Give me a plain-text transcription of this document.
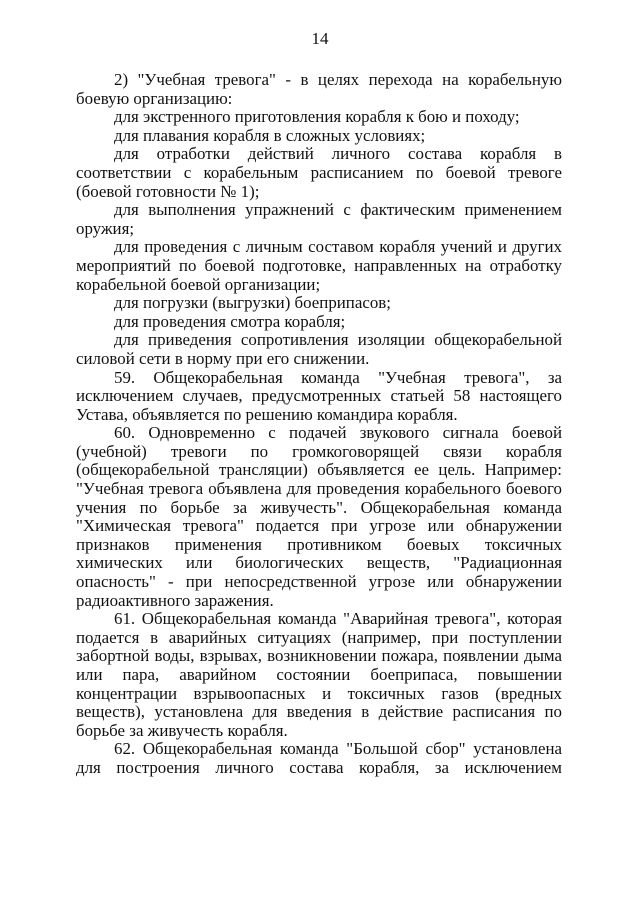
14

2) "Учебная тревога" - в целях перехода на корабельную боевую организацию:

для экстренного приготовления корабля к бою и походу;

для плавания корабля в сложных условиях;

для отработки действий личного состава корабля в соответствии с корабельным расписанием по боевой тревоге (боевой готовности № 1);

для выполнения упражнений с фактическим применением оружия;

для проведения с личным составом корабля учений и других мероприятий по боевой подготовке, направленных на отработку корабельной боевой организации;

для погрузки (выгрузки) боеприпасов;

для проведения смотра корабля;

для приведения сопротивления изоляции общекорабельной силовой сети в норму при его снижении.

59. Общекорабельная команда "Учебная тревога", за исключением случаев, предусмотренных статьей 58 настоящего Устава, объявляется по решению командира корабля.

60. Одновременно с подачей звукового сигнала боевой (учебной) тревоги по громкоговорящей связи корабля (общекорабельной трансляции) объявляется ее цель. Например: "Учебная тревога объявлена для проведения корабельного боевого учения по борьбе за живучесть". Общекорабельная команда "Химическая тревога" подается при угрозе или обнаружении признаков применения противником боевых токсичных химических или биологических веществ, "Радиационная опасность" - при непосредственной угрозе или обнаружении радиоактивного заражения.

61. Общекорабельная команда "Аварийная тревога", которая подается в аварийных ситуациях (например, при поступлении забортной воды, взрывах, возникновении пожара, появлении дыма или пара, аварийном состоянии боеприпаса, повышении концентрации взрывоопасных и токсичных газов (вредных веществ), установлена для введения в действие расписания по борьбе за живучесть корабля.

62. Общекорабельная команда "Большой сбор" установлена для построения личного состава корабля, за исключением
